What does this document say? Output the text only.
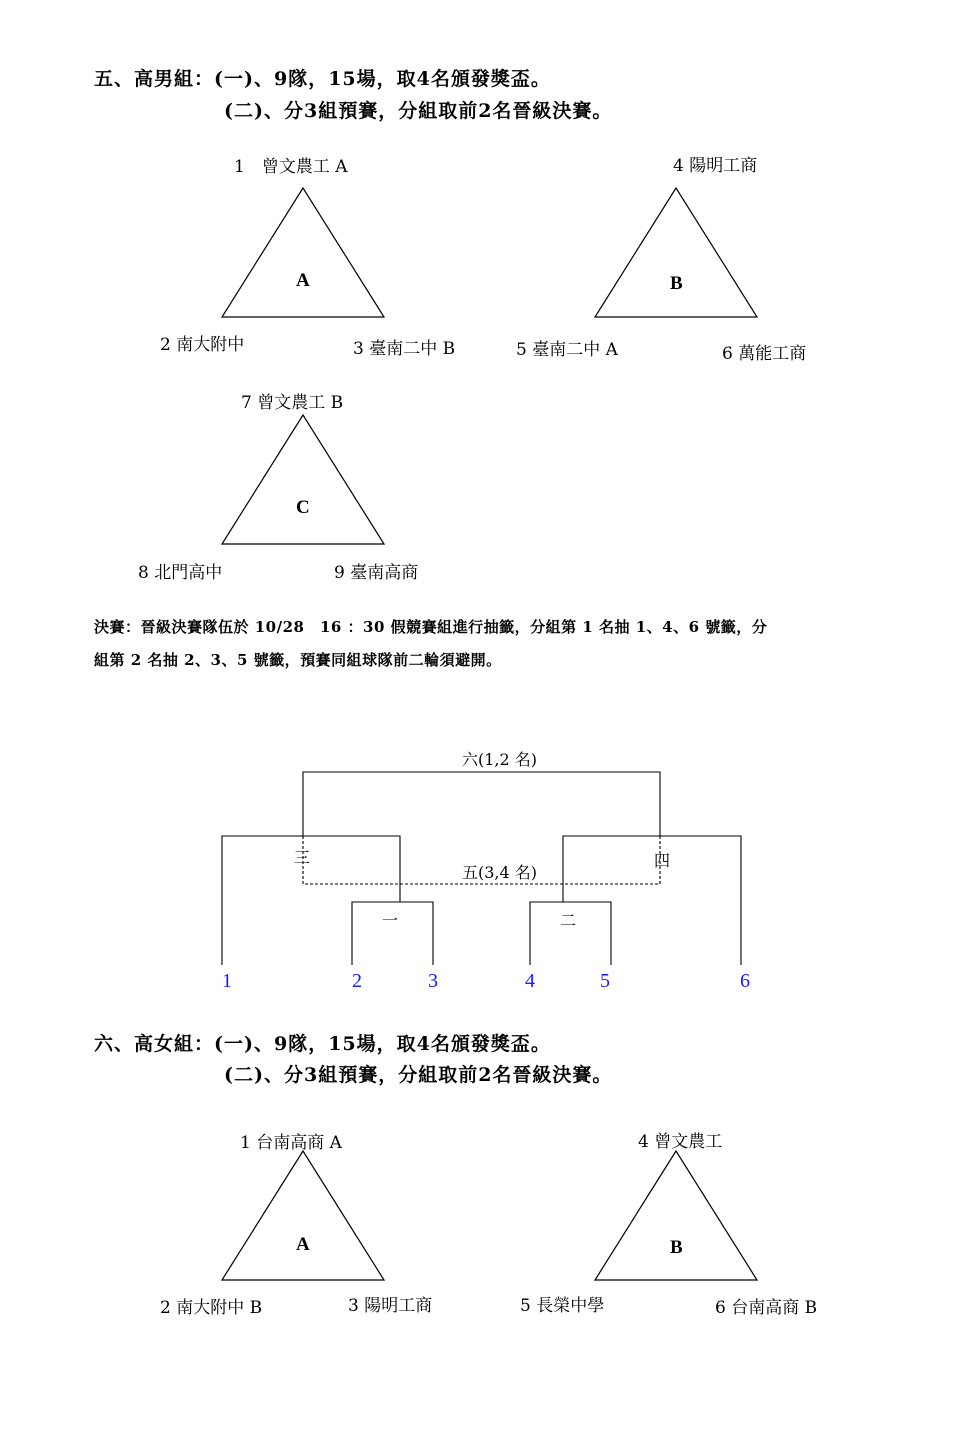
五、高男組：(一)、9隊，15場，取4名頒發獎盃。
(二)、分3組預賽，分組取前2名晉級決賽。
1　曾文農工 A
A
2 南大附中	3 臺南二中 B
4 陽明工商
B
5 臺南二中 A	6 萬能工商
7 曾文農工 B
C
8 北門高中	9 臺南高商
決賽：晉級決賽隊伍於 10/28　16 ：30 假競賽組進行抽籤，分組第 1 名抽 1、4、6 號籤，分
組第 2 名抽 2、3、5 號籤，預賽同組球隊前二輪須避開。
六(1,2 名)
五(3,4 名)
一	二
三	四
1	2	3	4	5	6
六、高女組：(一)、9隊，15場，取4名頒發獎盃。
(二)、分3組預賽，分組取前2名晉級決賽。
1 台南高商 A
A
2 南大附中 B	3 陽明工商
4 曾文農工
B
5 長榮中學	6 台南高商 B
